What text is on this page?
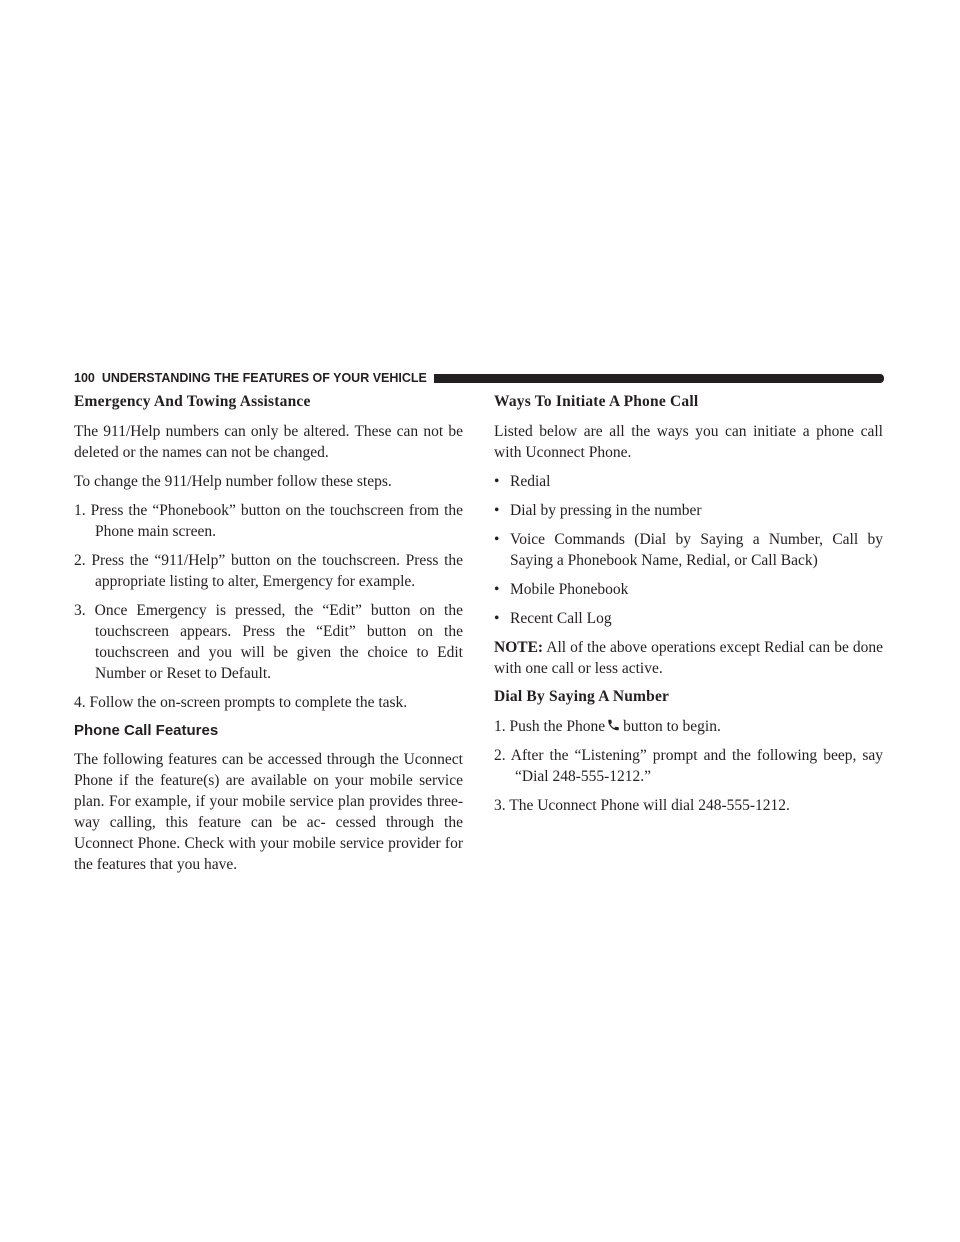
100 UNDERSTANDING THE FEATURES OF YOUR VEHICLE
Emergency And Towing Assistance

The 911/Help numbers can only be altered. These can not be deleted or the names can not be changed.

To change the 911/Help number follow these steps.

1. Press the “Phonebook” button on the touchscreen from the Phone main screen.
2. Press the “911/Help” button on the touchscreen. Press the appropriate listing to alter, Emergency for example.
3. Once Emergency is pressed, the “Edit” button on the touchscreen appears. Press the “Edit” button on the touchscreen and you will be given the choice to Edit Number or Reset to Default.
4. Follow the on-screen prompts to complete the task.
Phone Call Features

The following features can be accessed through the Uconnect Phone if the feature(s) are available on your mobile service plan. For example, if your mobile service plan provides three-way calling, this feature can be ac- cessed through the Uconnect Phone. Check with your mobile service provider for the features that you have.

Ways To Initiate A Phone Call

Listed below are all the ways you can initiate a phone call with Uconnect Phone.

• Redial
• Dial by pressing in the number
• Voice Commands (Dial by Saying a Number, Call by Saying a Phonebook Name, Redial, or Call Back)
• Mobile Phonebook
• Recent Call Log

NOTE: All of the above operations except Redial can be done with one call or less active.

Dial By Saying A Number
1. Push the Phone button to begin.
2. After the “Listening” prompt and the following beep, say “Dial 248-555-1212.”
3. The Uconnect Phone will dial 248-555-1212.
